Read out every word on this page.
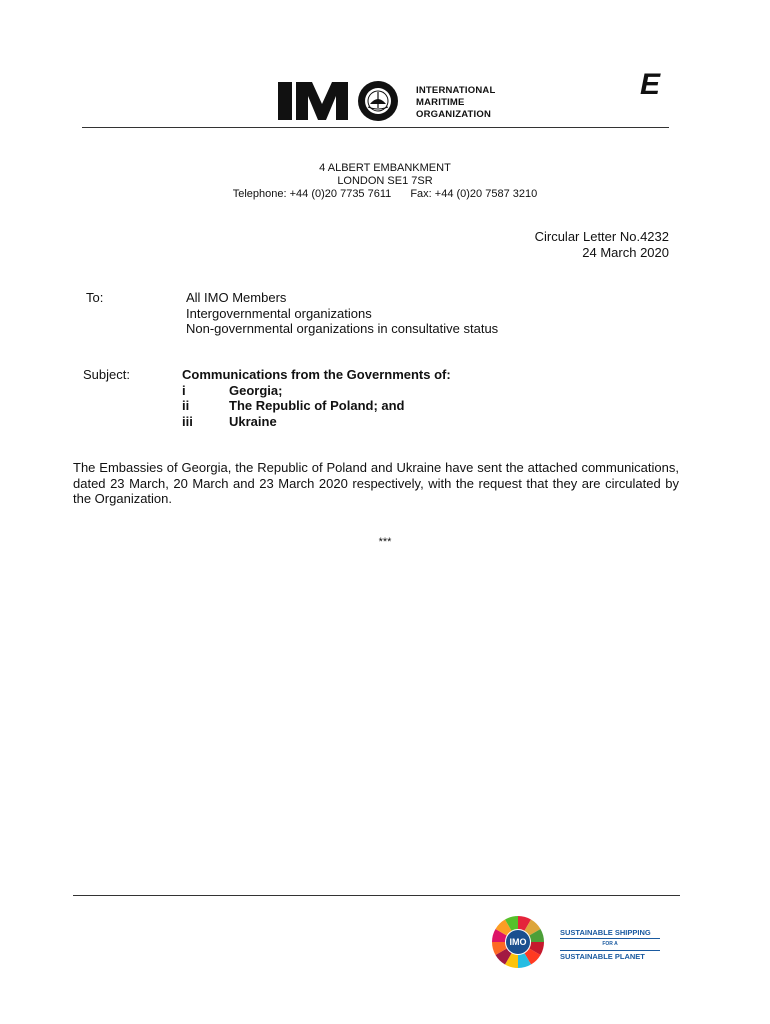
INTERNATIONAL
MARITIME
ORGANIZATION
E
4 ALBERT EMBANKMENT
LONDON SE1 7SR
Telephone: +44 (0)20 7735 7611 Fax: +44 (0)20 7587 3210
Circular Letter No.4232
24 March 2020
To:	All IMO Members
Intergovernmental organizations
Non-governmental organizations in consultative status
Subject:	Communications from the Governments of:
i	Georgia;
ii	The Republic of Poland; and
iii	Ukraine
The Embassies of Georgia, the Republic of Poland and Ukraine have sent the attached communications, dated 23 March, 20 March and 23 March 2020 respectively, with the request that they are circulated by the Organization.
***
IMO
SUSTAINABLE SHIPPING
FOR A
SUSTAINABLE PLANET
